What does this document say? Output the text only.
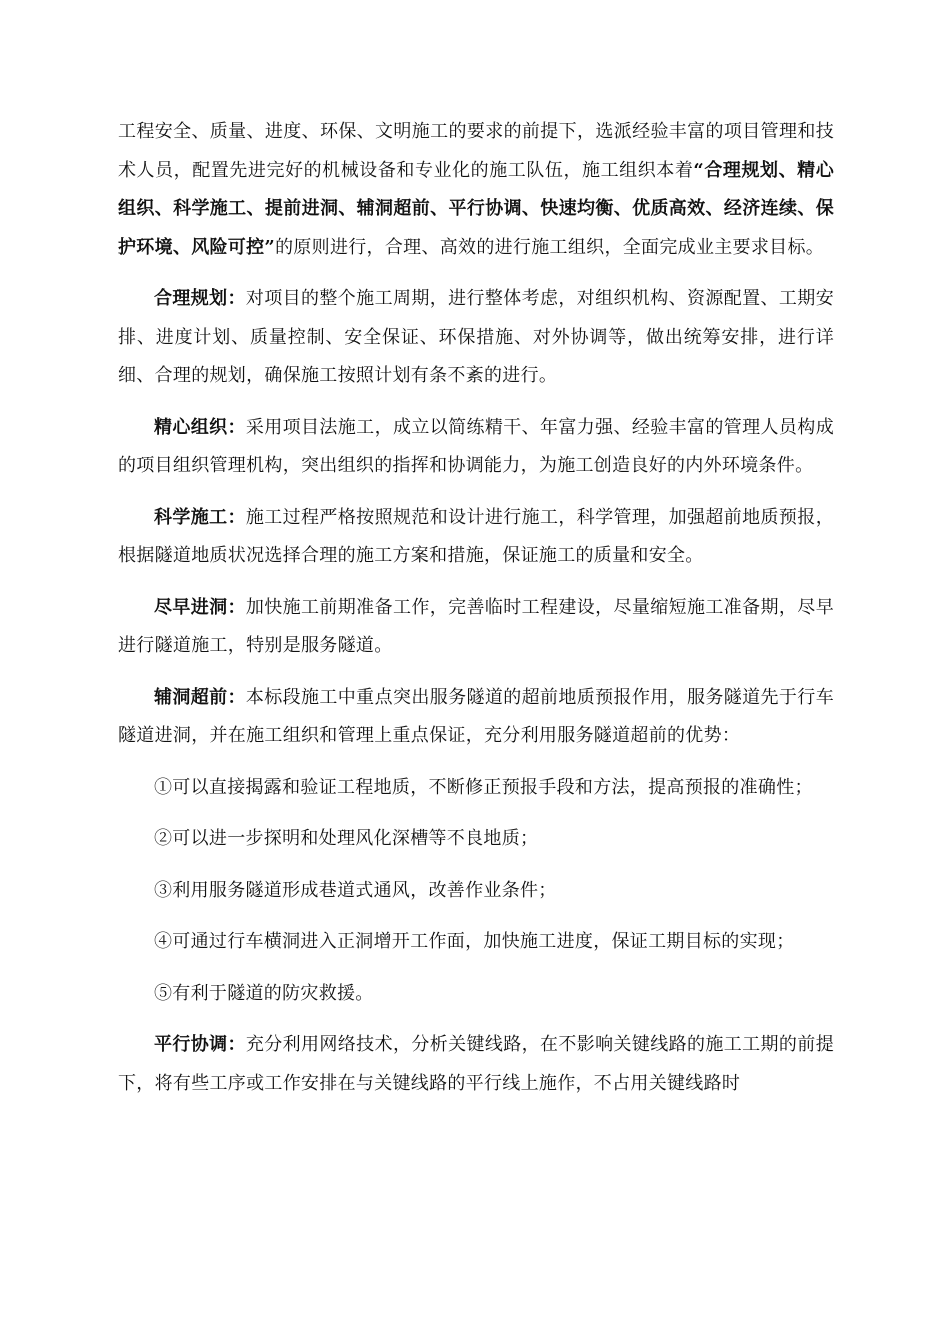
工程安全、质量、进度、环保、文明施工的要求的前提下，选派经验丰富的项目管理和技术人员，配置先进完好的机械设备和专业化的施工队伍，施工组织本着“合理规划、精心组织、科学施工、提前进洞、辅洞超前、平行协调、快速均衡、优质高效、经济连续、保护环境、风险可控”的原则进行，合理、高效的进行施工组织，全面完成业主要求目标。

合理规划：对项目的整个施工周期，进行整体考虑，对组织机构、资源配置、工期安排、进度计划、质量控制、安全保证、环保措施、对外协调等，做出统筹安排，进行详细、合理的规划，确保施工按照计划有条不紊的进行。

精心组织：采用项目法施工，成立以简练精干、年富力强、经验丰富的管理人员构成的项目组织管理机构，突出组织的指挥和协调能力，为施工创造良好的内外环境条件。

科学施工：施工过程严格按照规范和设计进行施工，科学管理，加强超前地质预报，根据隧道地质状况选择合理的施工方案和措施，保证施工的质量和安全。

尽早进洞：加快施工前期准备工作，完善临时工程建设，尽量缩短施工准备期，尽早进行隧道施工，特别是服务隧道。

辅洞超前：本标段施工中重点突出服务隧道的超前地质预报作用，服务隧道先于行车隧道进洞，并在施工组织和管理上重点保证，充分利用服务隧道超前的优势：

①可以直接揭露和验证工程地质，不断修正预报手段和方法，提高预报的准确性；

②可以进一步探明和处理风化深槽等不良地质；

③利用服务隧道形成巷道式通风，改善作业条件；

④可通过行车横洞进入正洞增开工作面，加快施工进度，保证工期目标的实现；

⑤有利于隧道的防灾救援。

平行协调：充分利用网络技术，分析关键线路，在不影响关键线路的施工工期的前提下，将有些工序或工作安排在与关键线路的平行线上施作，不占用关键线路时
